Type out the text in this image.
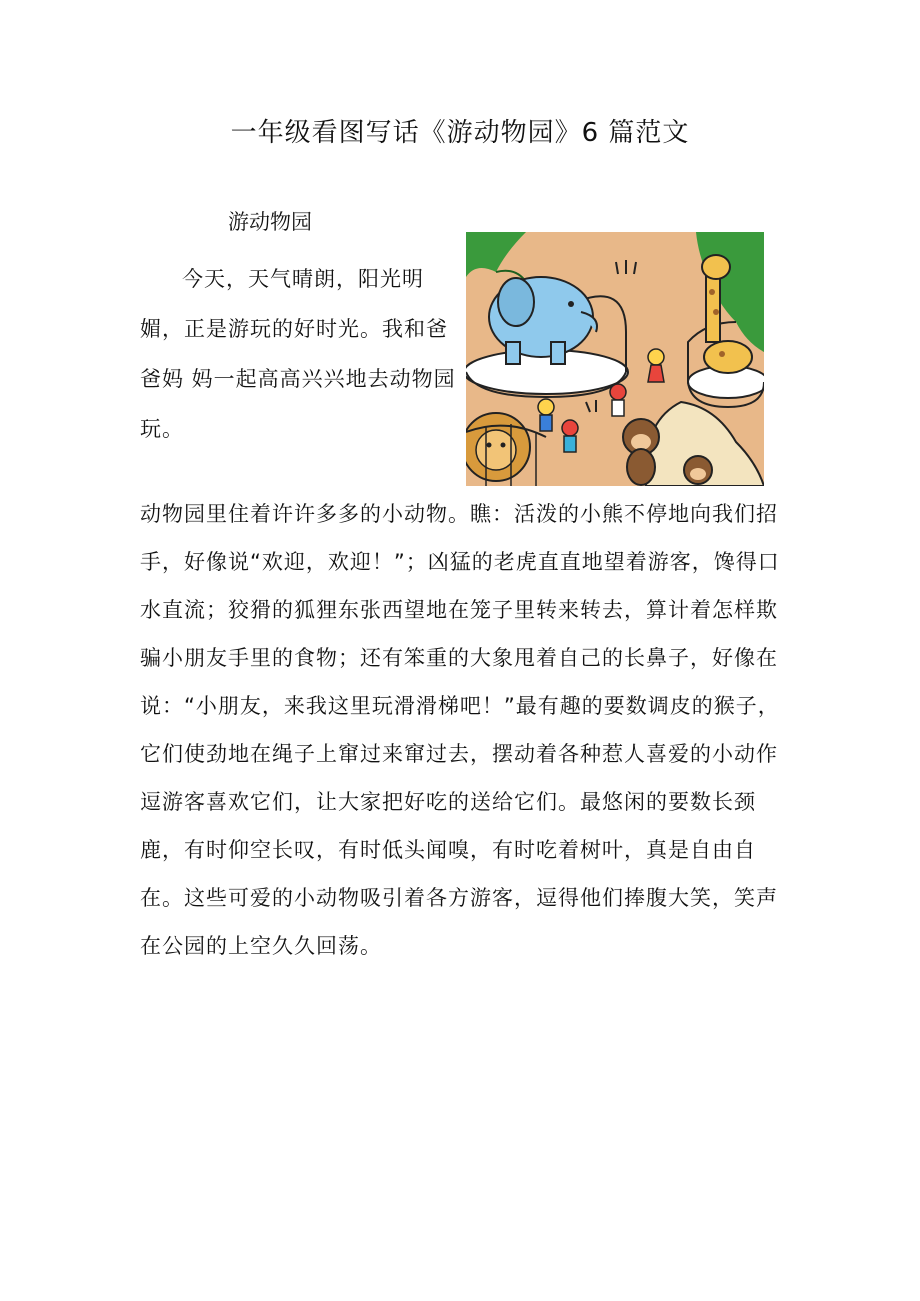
一年级看图写话《游动物园》6 篇范文
游动物园

今天，天气晴朗，阳光明媚，正是游玩的好时光。我和爸爸妈 妈一起高高兴兴地去动物园玩。

动物园里住着许许多多的小动物。瞧：活泼的小熊不停地向我们招手，好像说“欢迎，欢迎！”；凶猛的老虎直直地望着游客，馋得口水直流；狡猾的狐狸东张西望地在笼子里转来转去，算计着怎样欺骗小朋友手里的食物；还有笨重的大象甩着自己的长鼻子，好像在说：“小朋友，来我这里玩滑滑梯吧！”最有趣的要数调皮的猴子，它们使劲地在绳子上窜过来窜过去，摆动着各种惹人喜爱的小动作逗游客喜欢它们，让大家把好吃的送给它们。最悠闲的要数长颈鹿，有时仰空长叹，有时低头闻嗅，有时吃着树叶，真是自由自在。这些可爱的小动物吸引着各方游客，逗得他们捧腹大笑，笑声在公园的上空久久回荡。
